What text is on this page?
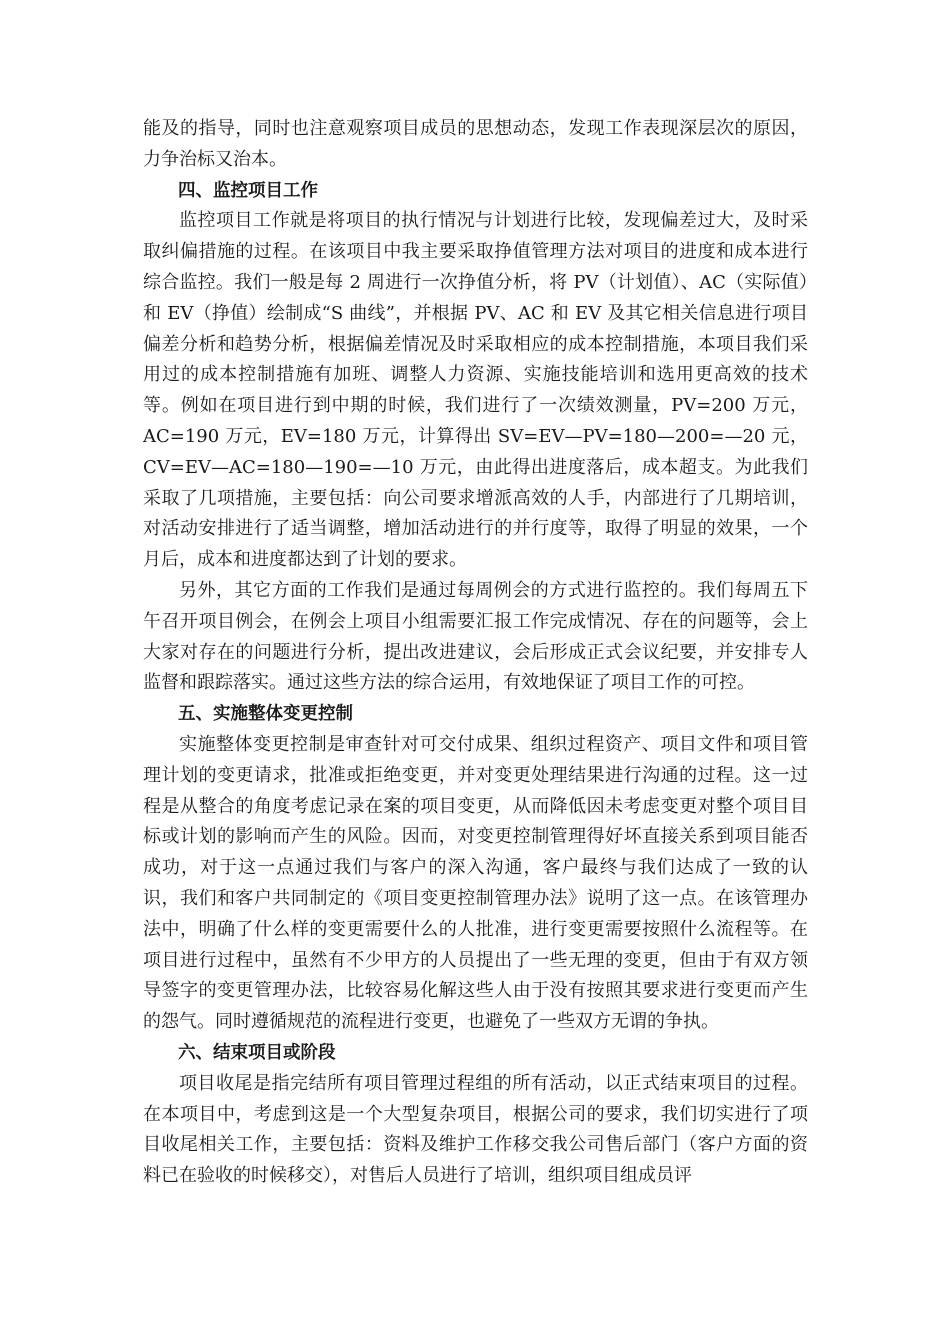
能及的指导，同时也注意观察项目成员的思想动态，发现工作表现深层次的原因，力争治标又治本。

四、监控项目工作

监控项目工作就是将项目的执行情况与计划进行比较，发现偏差过大，及时采取纠偏措施的过程。在该项目中我主要采取挣值管理方法对项目的进度和成本进行综合监控。我们一般是每 2 周进行一次挣值分析，将 PV（计划值）、AC（实际值）和 EV（挣值）绘制成“S 曲线”，并根据 PV、AC 和 EV 及其它相关信息进行项目偏差分析和趋势分析，根据偏差情况及时采取相应的成本控制措施，本项目我们采用过的成本控制措施有加班、调整人力资源、实施技能培训和选用更高效的技术等。例如在项目进行到中期的时候，我们进行了一次绩效测量，PV=200 万元，AC=190 万元，EV=180 万元，计算得出 SV=EV—PV=180—200=—20 元，CV=EV—AC=180—190=—10 万元，由此得出进度落后，成本超支。为此我们采取了几项措施，主要包括：向公司要求增派高效的人手，内部进行了几期培训，对活动安排进行了适当调整，增加活动进行的并行度等，取得了明显的效果，一个月后，成本和进度都达到了计划的要求。

另外，其它方面的工作我们是通过每周例会的方式进行监控的。我们每周五下午召开项目例会，在例会上项目小组需要汇报工作完成情况、存在的问题等，会上大家对存在的问题进行分析，提出改进建议，会后形成正式会议纪要，并安排专人监督和跟踪落实。通过这些方法的综合运用，有效地保证了项目工作的可控。

五、实施整体变更控制

实施整体变更控制是审查针对可交付成果、组织过程资产、项目文件和项目管理计划的变更请求，批准或拒绝变更，并对变更处理结果进行沟通的过程。这一过程是从整合的角度考虑记录在案的项目变更，从而降低因未考虑变更对整个项目目标或计划的影响而产生的风险。因而，对变更控制管理得好坏直接关系到项目能否成功，对于这一点通过我们与客户的深入沟通，客户最终与我们达成了一致的认识，我们和客户共同制定的《项目变更控制管理办法》说明了这一点。在该管理办法中，明确了什么样的变更需要什么的人批准，进行变更需要按照什么流程等。在项目进行过程中，虽然有不少甲方的人员提出了一些无理的变更，但由于有双方领导签字的变更管理办法，比较容易化解这些人由于没有按照其要求进行变更而产生的怨气。同时遵循规范的流程进行变更，也避免了一些双方无谓的争执。

六、结束项目或阶段

项目收尾是指完结所有项目管理过程组的所有活动，以正式结束项目的过程。在本项目中，考虑到这是一个大型复杂项目，根据公司的要求，我们切实进行了项目收尾相关工作，主要包括：资料及维护工作移交我公司售后部门（客户方面的资料已在验收的时候移交），对售后人员进行了培训，组织项目组成员评
